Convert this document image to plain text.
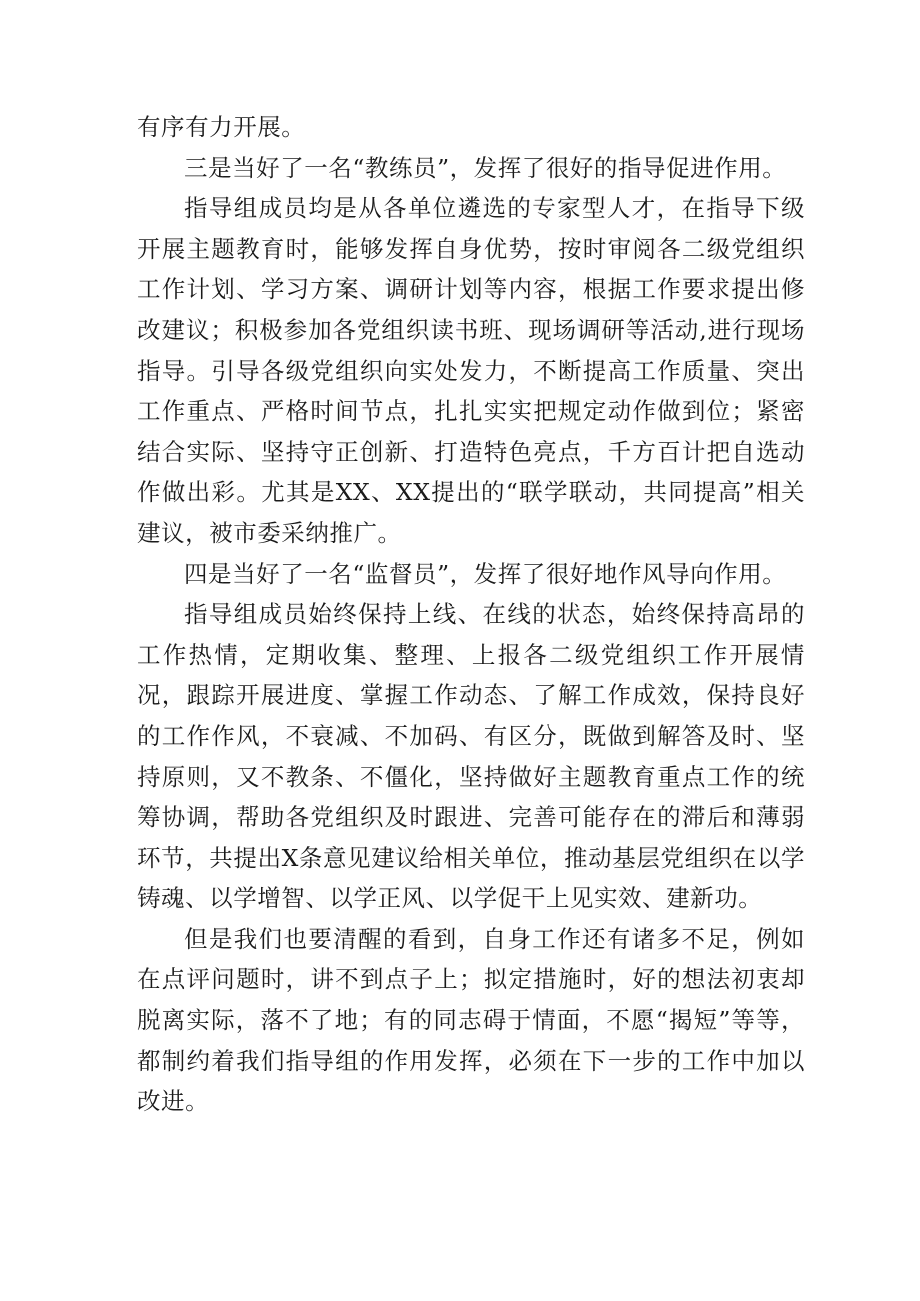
有序有力开展。

三是当好了一名“教练员”，发挥了很好的指导促进作用。

指导组成员均是从各单位遴选的专家型人才，在指导下级开展主题教育时，能够发挥自身优势，按时审阅各二级党组织工作计划、学习方案、调研计划等内容，根据工作要求提出修改建议；积极参加各党组织读书班、现场调研等活动,进行现场指导。引导各级党组织向实处发力，不断提高工作质量、突出工作重点、严格时间节点，扎扎实实把规定动作做到位；紧密结合实际、坚持守正创新、打造特色亮点，千方百计把自选动作做出彩。尤其是XX、XX提出的“联学联动，共同提高”相关建议，被市委采纳推广。

四是当好了一名“监督员”，发挥了很好地作风导向作用。

指导组成员始终保持上线、在线的状态，始终保持高昂的工作热情，定期收集、整理、上报各二级党组织工作开展情况，跟踪开展进度、掌握工作动态、了解工作成效，保持良好的工作作风，不衰减、不加码、有区分，既做到解答及时、坚持原则，又不教条、不僵化，坚持做好主题教育重点工作的统筹协调，帮助各党组织及时跟进、完善可能存在的滞后和薄弱环节，共提出X条意见建议给相关单位，推动基层党组织在以学铸魂、以学增智、以学正风、以学促干上见实效、建新功。

但是我们也要清醒的看到，自身工作还有诸多不足，例如在点评问题时，讲不到点子上；拟定措施时，好的想法初衷却脱离实际，落不了地；有的同志碍于情面，不愿“揭短”等等，都制约着我们指导组的作用发挥，必须在下一步的工作中加以改进。
